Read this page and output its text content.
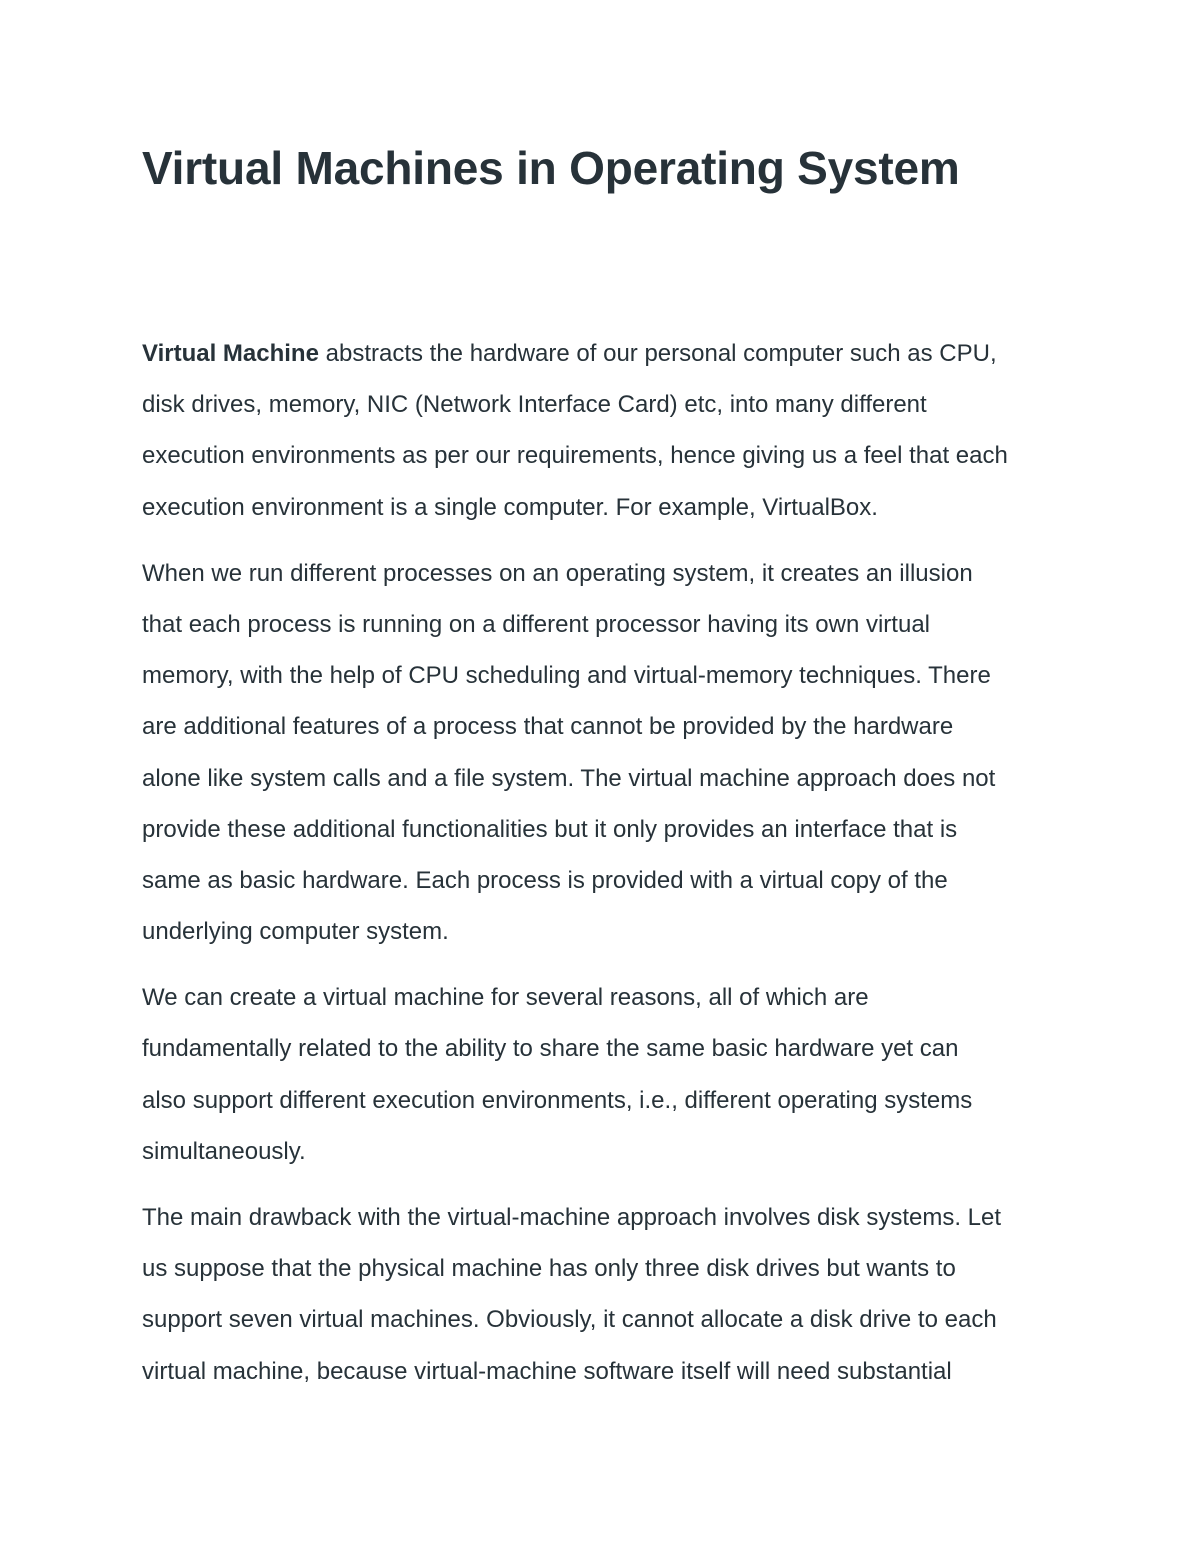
Virtual Machines in Operating System

Virtual Machine abstracts the hardware of our personal computer such as CPU,
disk drives, memory, NIC (Network Interface Card) etc, into many different
execution environments as per our requirements, hence giving us a feel that each
execution environment is a single computer. For example, VirtualBox.

When we run different processes on an operating system, it creates an illusion
that each process is running on a different processor having its own virtual
memory, with the help of CPU scheduling and virtual-memory techniques. There
are additional features of a process that cannot be provided by the hardware
alone like system calls and a file system. The virtual machine approach does not
provide these additional functionalities but it only provides an interface that is
same as basic hardware. Each process is provided with a virtual copy of the
underlying computer system.

We can create a virtual machine for several reasons, all of which are
fundamentally related to the ability to share the same basic hardware yet can
also support different execution environments, i.e., different operating systems
simultaneously.

The main drawback with the virtual-machine approach involves disk systems. Let
us suppose that the physical machine has only three disk drives but wants to
support seven virtual machines. Obviously, it cannot allocate a disk drive to each
virtual machine, because virtual-machine software itself will need substantial
